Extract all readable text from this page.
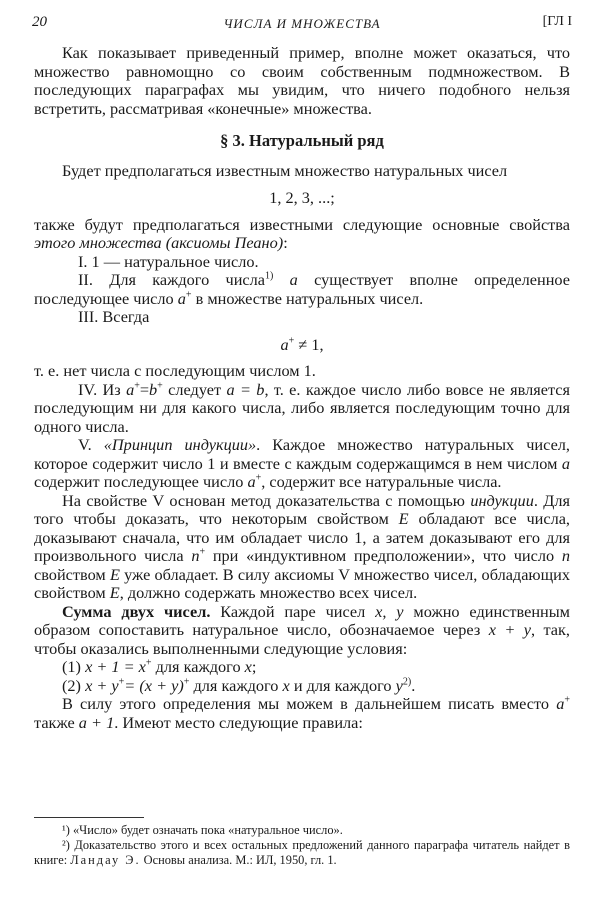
20	ЧИСЛА И МНОЖЕСТВА	[ГЛ I

Как показывает приведенный пример, вполне может оказаться, что множество равномощно со своим собственным подмножеством. В последующих параграфах мы увидим, что ничего подобного нельзя встретить, рассматривая «конечные» множества.

§ 3. Натуральный ряд

Будет предполагаться известным множество натуральных чисел

1, 2, 3, ...;

также будут предполагаться известными следующие основные свойства этого множества (аксиомы Пеано):

I. 1 — натуральное число.

II. Для каждого числа$^{1)}$ a существует вполне определенное последующее число a+ в множестве натуральных чисел.

III. Всегда

a+ ≠ 1,

т. е. нет числа с последующим числом 1.

IV. Из a+=b+ следует a = b, т. е. каждое число либо вовсе не является последующим ни для какого числа, либо является последующим точно для одного числа.

V. «Принцип индукции». Каждое множество натуральных чисел, которое содержит число 1 и вместе с каждым содержащимся в нем числом a содержит последующее число a+, содержит все натуральные числа.

На свойстве V основан метод доказательства с помощью индукции. Для того чтобы доказать, что некоторым свойством E обладают все числа, доказывают сначала, что им обладает число 1, а затем доказывают его для произвольного числа n+ при «индуктивном предположении», что число n свойством E уже обладает. В силу аксиомы V множество чисел, обладающих свойством E, должно содержать множество всех чисел.

Сумма двух чисел. Каждой паре чисел x, y можно единственным образом сопоставить натуральное число, обозначаемое через x + y, так, чтобы оказались выполненными следующие условия:

(1) x + 1 = x+ для каждого x;

(2) x + y+= (x + y)+ для каждого x и для каждого $y^{2)}$.

В силу этого определения мы можем в дальнейшем писать вместо a+ также a + 1. Имеют место следующие правила:

¹) «Число» будет означать пока «натуральное число».

²) Доказательство этого и всех остальных предложений данного параграфа читатель найдет в книге: Ландау Э. Основы анализа. М.: ИЛ, 1950, гл. 1.
